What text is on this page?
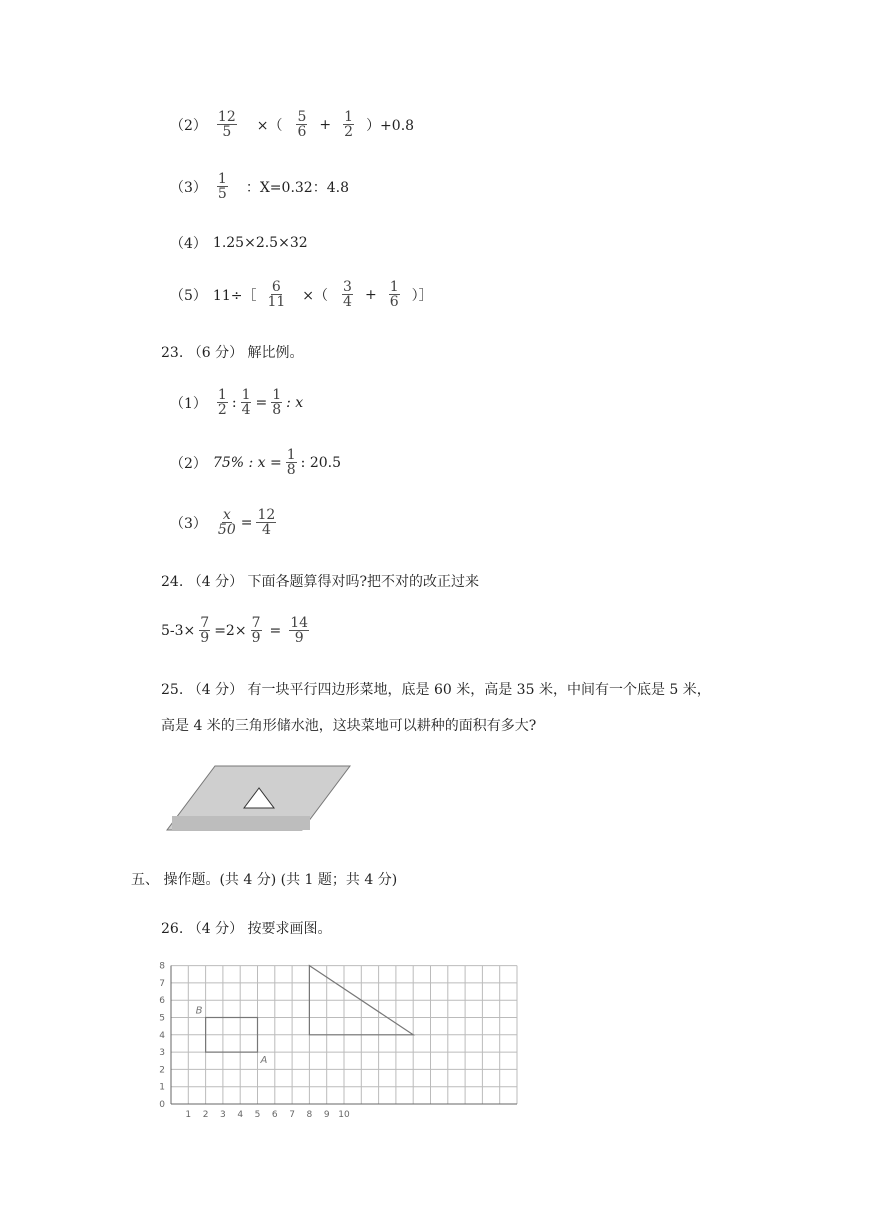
$(2) \frac{12}{5}$ ×（ $\frac{5}{6} + \frac{1}{2} )+0.8$
$(3) \frac{1}{5}$ ：X=0.32：4.8
（4） 1.25×2.5×32
（5） 11÷［ $\frac{6}{11}$ ×（ $\frac{3}{4} + \frac{1}{6}$ ）］
23. （6 分） 解比例。
$(1) \frac{1}{2}$ : $\frac{1}{4} = \frac{1}{8}$ : x
（2） 75% : $x = \frac{1}{8}$ : 20.5
$(3) \frac{x}{50} = \frac{12}{4}$
24. （4 分） 下面各题算得对吗?把不对的改正过来
$5-3\times \frac{7}{9} =2\times \frac{7}{9} = \frac{14}{9}$
25. （4 分） 有一块平行四边形菜地，底是 60 米，高是 35 米，中间有一个底是 5 米，
高是 4 米的三角形储水池，这块菜地可以耕种的面积有多大?
五、 操作题。(共 4 分) (共 1 题；共 4 分)
26. （4 分） 按要求画图。
1 2 3 4 5 6 7 8 9 10
0
1
2
3
4
5
6
7
8
B
A
